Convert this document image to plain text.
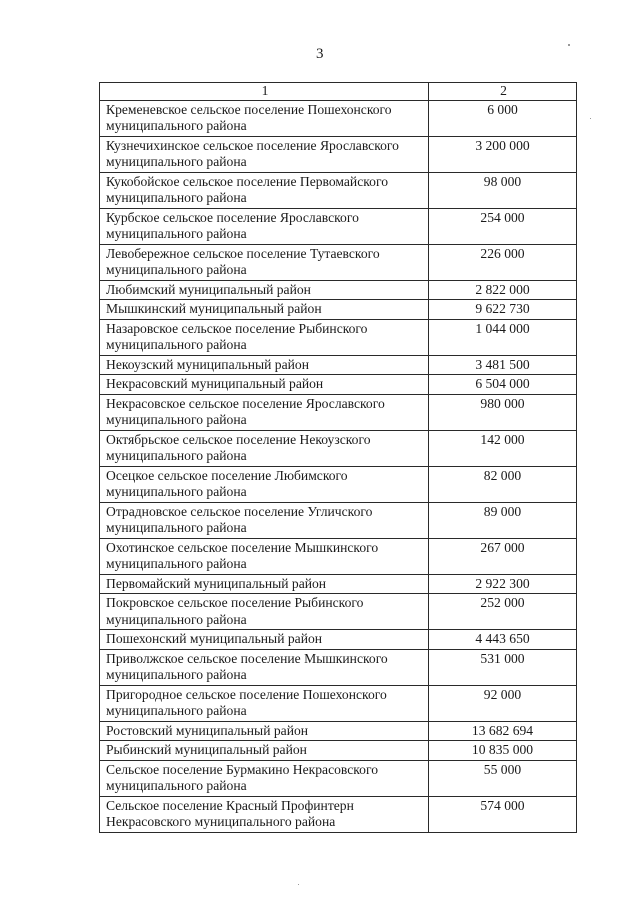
3
1	2
Кременевское сельское поселение Пошехонского муниципального района	6 000
Кузнечихинское сельское поселение Ярославского муниципального района	3 200 000
Кукобойское сельское поселение Первомайского муниципального района	98 000
Курбское сельское поселение Ярославского муниципального района	254 000
Левобережное сельское поселение Тутаевского муниципального района	226 000
Любимский муниципальный район	2 822 000
Мышкинский муниципальный район	9 622 730
Назаровское сельское поселение Рыбинского муниципального района	1 044 000
Некоузский муниципальный район	3 481 500
Некрасовский муниципальный район	6 504 000
Некрасовское сельское поселение Ярославского муниципального района	980 000
Октябрьское сельское поселение Некоузского муниципального района	142 000
Осецкое сельское поселение Любимского муниципального района	82 000
Отрадновское сельское поселение Угличского муниципального района	89 000
Охотинское сельское поселение Мышкинского муниципального района	267 000
Первомайский муниципальный район	2 922 300
Покровское сельское поселение Рыбинского муниципального района	252 000
Пошехонский муниципальный район	4 443 650
Приволжское сельское поселение Мышкинского муниципального района	531 000
Пригородное сельское поселение Пошехонского муниципального района	92 000
Ростовский муниципальный район	13 682 694
Рыбинский муниципальный район	10 835 000
Сельское поселение Бурмакино Некрасовского муниципального района	55 000
Сельское поселение Красный Профинтерн Некрасовского муниципального района	574 000
